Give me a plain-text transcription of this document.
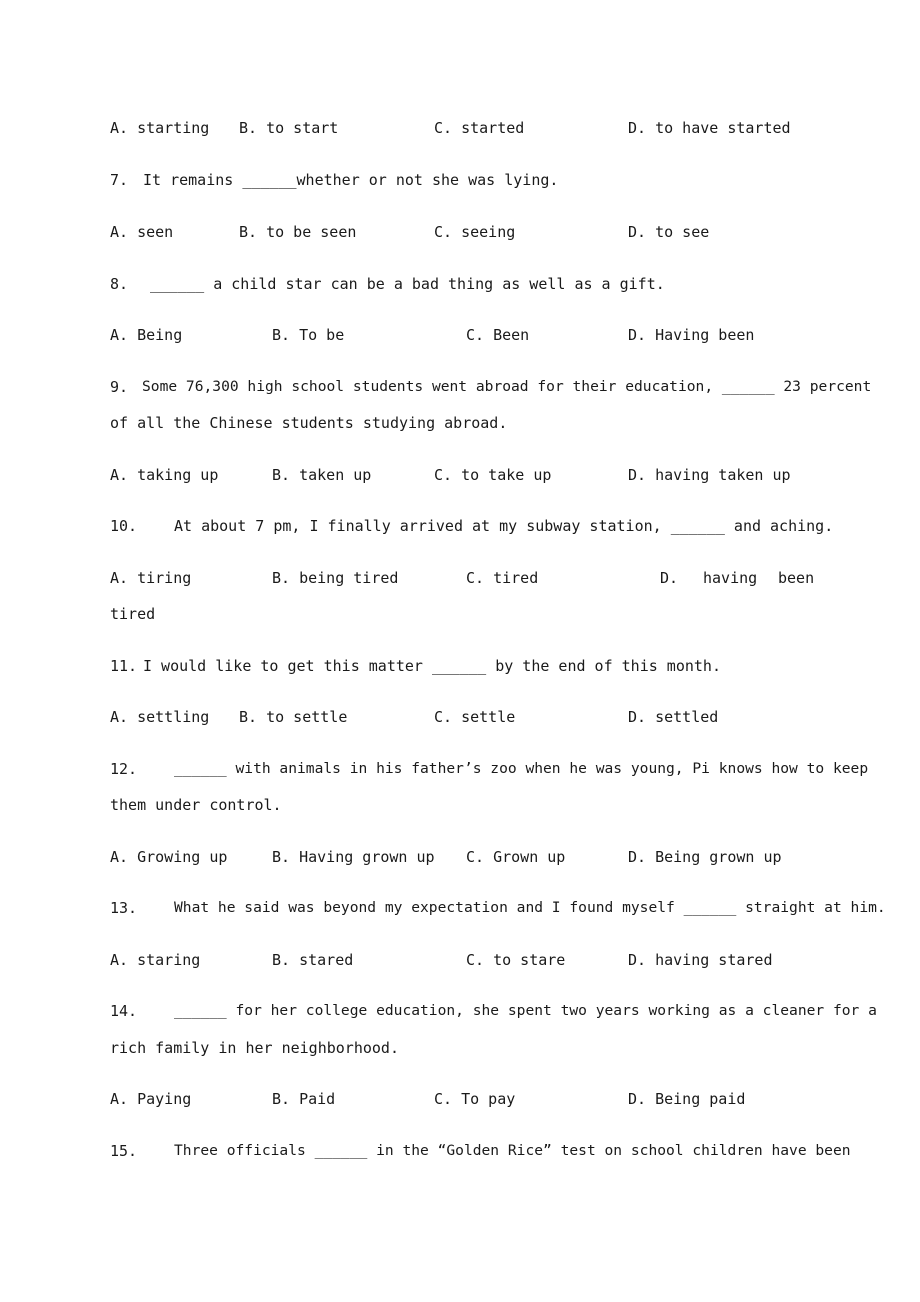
A. starting B. to start	C. started	D. to have started
7. It remains ______whether or not she was lying.
A. seen	B. to be seen	C. seeing	D. to see
8. ______ a child star can be a bad thing as well as a gift.
A. Being	B. To be	C. Been	D. Having been
9. Some 76,300 high school students went abroad for their education, ______ 23 percent
of all the Chinese students studying abroad.
A. taking up	B. taken up	C. to take up	D. having taken up
10. At about 7 pm, I finally arrived at my subway station, ______ and aching.
A. tiring	B. being tired	C. tired	D. having been
tired
11. I would like to get this matter ______ by the end of this month.
A. settling B. to settle	C. settle	D. settled
12.	______ with animals in his father’s zoo when he was young, Pi knows how to keep
them under control.
A. Growing up	B. Having grown up C. Grown up	D. Being grown up
13.	What he said was beyond my expectation and I found myself ______ straight at him.
A. staring	B. stared	C. to stare	D. having stared
14.	______ for her college education, she spent two years working as a cleaner for a
rich family in her neighborhood.
A. Paying	B. Paid	C. To pay	D. Being paid
15.	Three officials ______ in the “Golden Rice” test on school children have been
